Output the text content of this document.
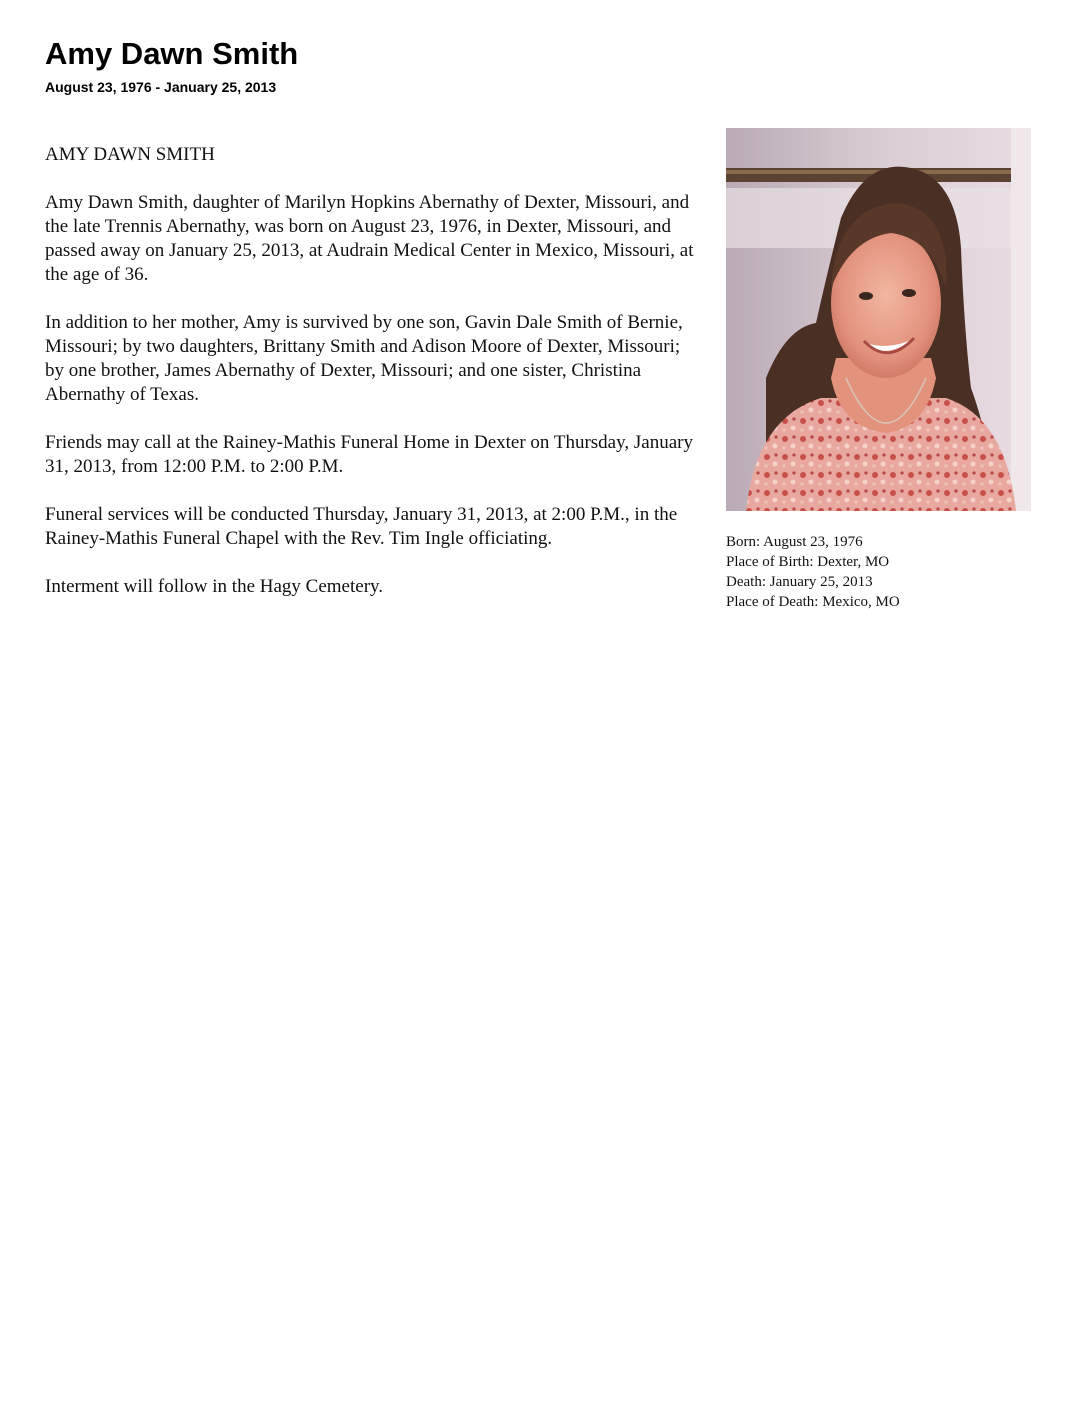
Amy Dawn Smith
August 23, 1976 - January 25, 2013

AMY DAWN SMITH

Amy Dawn Smith, daughter of Marilyn Hopkins Abernathy of Dexter, Missouri, and the late Trennis Abernathy, was born on August 23, 1976, in Dexter, Missouri, and passed away on January 25, 2013, at Audrain Medical Center in Mexico, Missouri, at the age of 36.

In addition to her mother, Amy is survived by one son, Gavin Dale Smith of Bernie, Missouri; by two daughters, Brittany Smith and Adison Moore of Dexter, Missouri; by one brother, James Abernathy of Dexter, Missouri; and one sister, Christina Abernathy of Texas.

Friends may call at the Rainey-Mathis Funeral Home in Dexter on Thursday, January 31, 2013, from 12:00 P.M. to 2:00 P.M.

Funeral services will be conducted Thursday, January 31, 2013, at 2:00 P.M., in the Rainey-Mathis Funeral Chapel with the Rev. Tim Ingle officiating.

Interment will follow in the Hagy Cemetery.

Born: August 23, 1976
Place of Birth: Dexter, MO
Death: January 25, 2013
Place of Death: Mexico, MO
